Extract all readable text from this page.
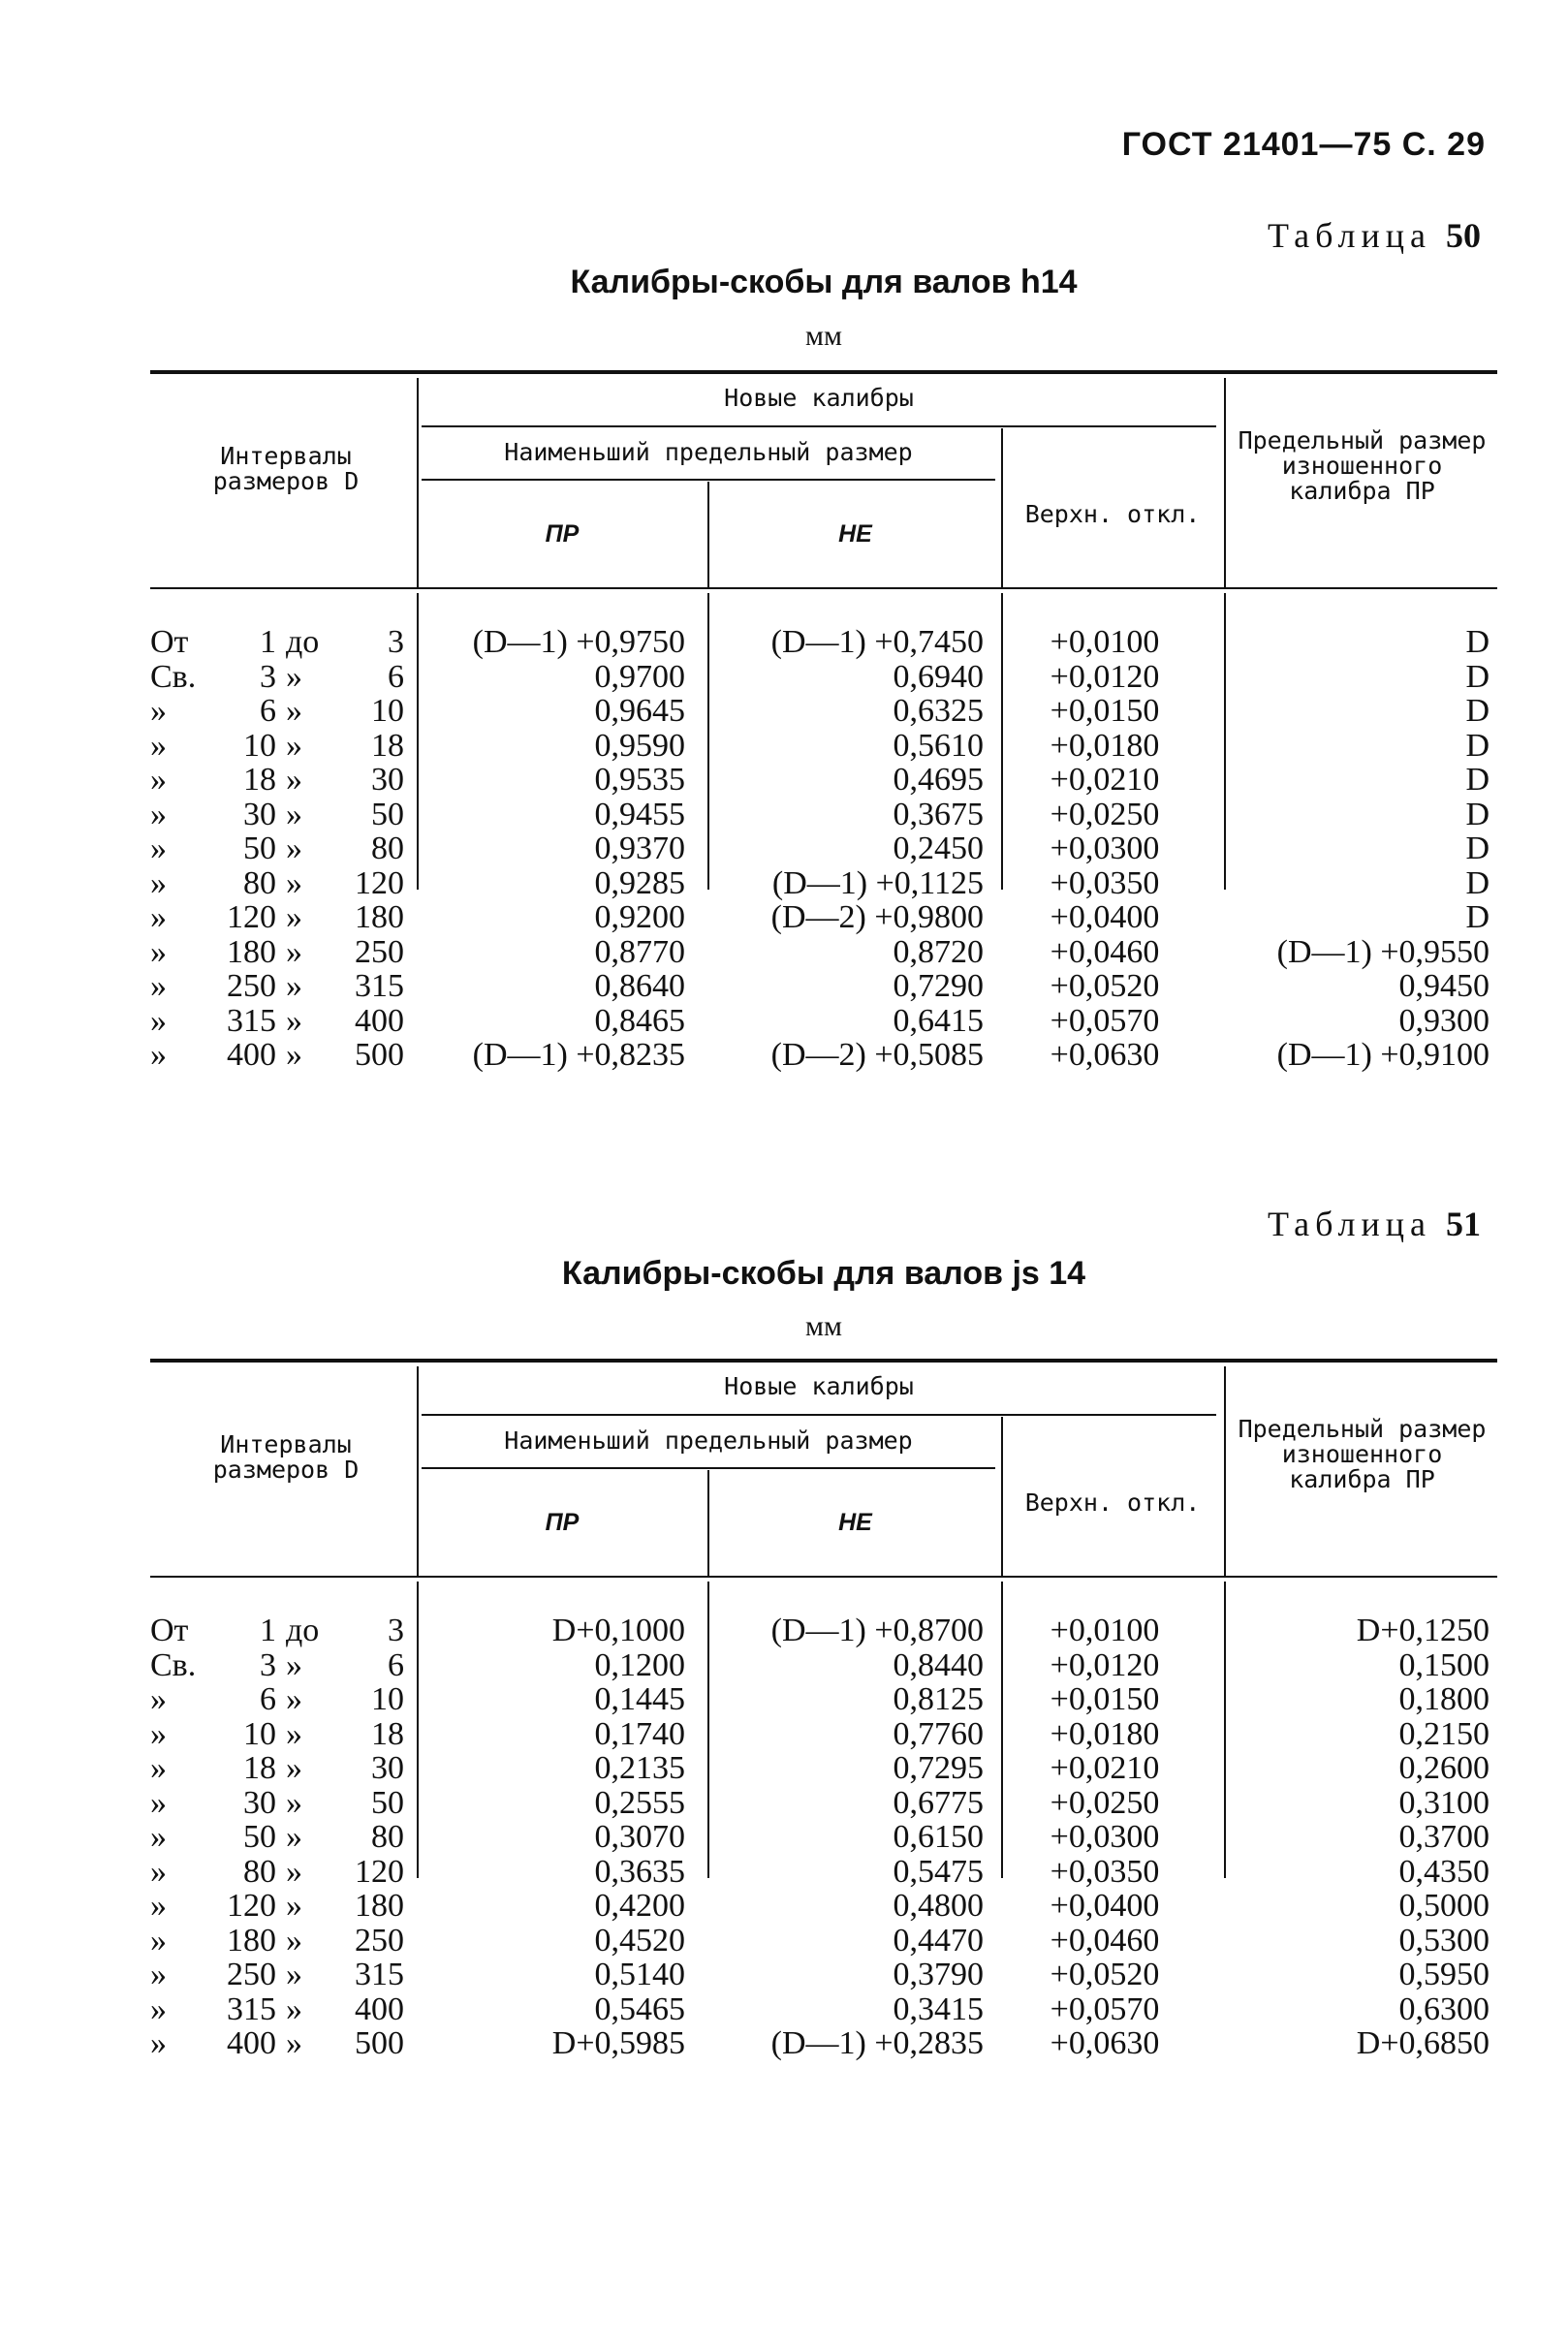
ГОСТ 21401—75 С. 29
Таблица 50
Калибры-скобы для валов h14
мм
Интервалы размеров D
Новые калибры
Наименьший предельный размер
ПР	НЕ
Верхн. откл.
Предельный размер изношенного калибра ПР
От	1 до	3	(D—1) +0,9750	(D—1) +0,7450	+0,0100	D
Св.	3 »	6	0,9700	0,6940	+0,0120	D
»	6 »	10	0,9645	0,6325	+0,0150	D
»	10 »	18	0,9590	0,5610	+0,0180	D
»	18 »	30	0,9535	0,4695	+0,0210	D
»	30 »	50	0,9455	0,3675	+0,0250	D
»	50 »	80	0,9370	0,2450	+0,0300	D
»	80 »	120	0,9285	(D—1) +0,1125	+0,0350	D
»	120 »	180	0,9200	(D—2) +0,9800	+0,0400	D
»	180 »	250	0,8770	0,8720	+0,0460	(D—1) +0,9550
»	250 »	315	0,8640	0,7290	+0,0520	0,9450
»	315 »	400	0,8465	0,6415	+0,0570	0,9300
»	400 »	500	(D—1) +0,8235	(D—2) +0,5085	+0,0630	(D—1) +0,9100
Таблица 51
Калибры-скобы для валов js 14
мм
Интервалы размеров D
Новые калибры
Наименьший предельный размер
ПР	НЕ
Верхн. откл.
Предельный размер изношенного калибра ПР
От	1 до	3	D+0,1000	(D—1) +0,8700	+0,0100	D+0,1250
Св.	3 »	6	0,1200	0,8440	+0,0120	0,1500
»	6 »	10	0,1445	0,8125	+0,0150	0,1800
»	10 »	18	0,1740	0,7760	+0,0180	0,2150
»	18 »	30	0,2135	0,7295	+0,0210	0,2600
»	30 »	50	0,2555	0,6775	+0,0250	0,3100
»	50 »	80	0,3070	0,6150	+0,0300	0,3700
»	80 »	120	0,3635	0,5475	+0,0350	0,4350
»	120 »	180	0,4200	0,4800	+0,0400	0,5000
»	180 »	250	0,4520	0,4470	+0,0460	0,5300
»	250 »	315	0,5140	0,3790	+0,0520	0,5950
»	315 »	400	0,5465	0,3415	+0,0570	0,6300
»	400 »	500	D+0,5985	(D—1) +0,2835	+0,0630	D+0,6850
